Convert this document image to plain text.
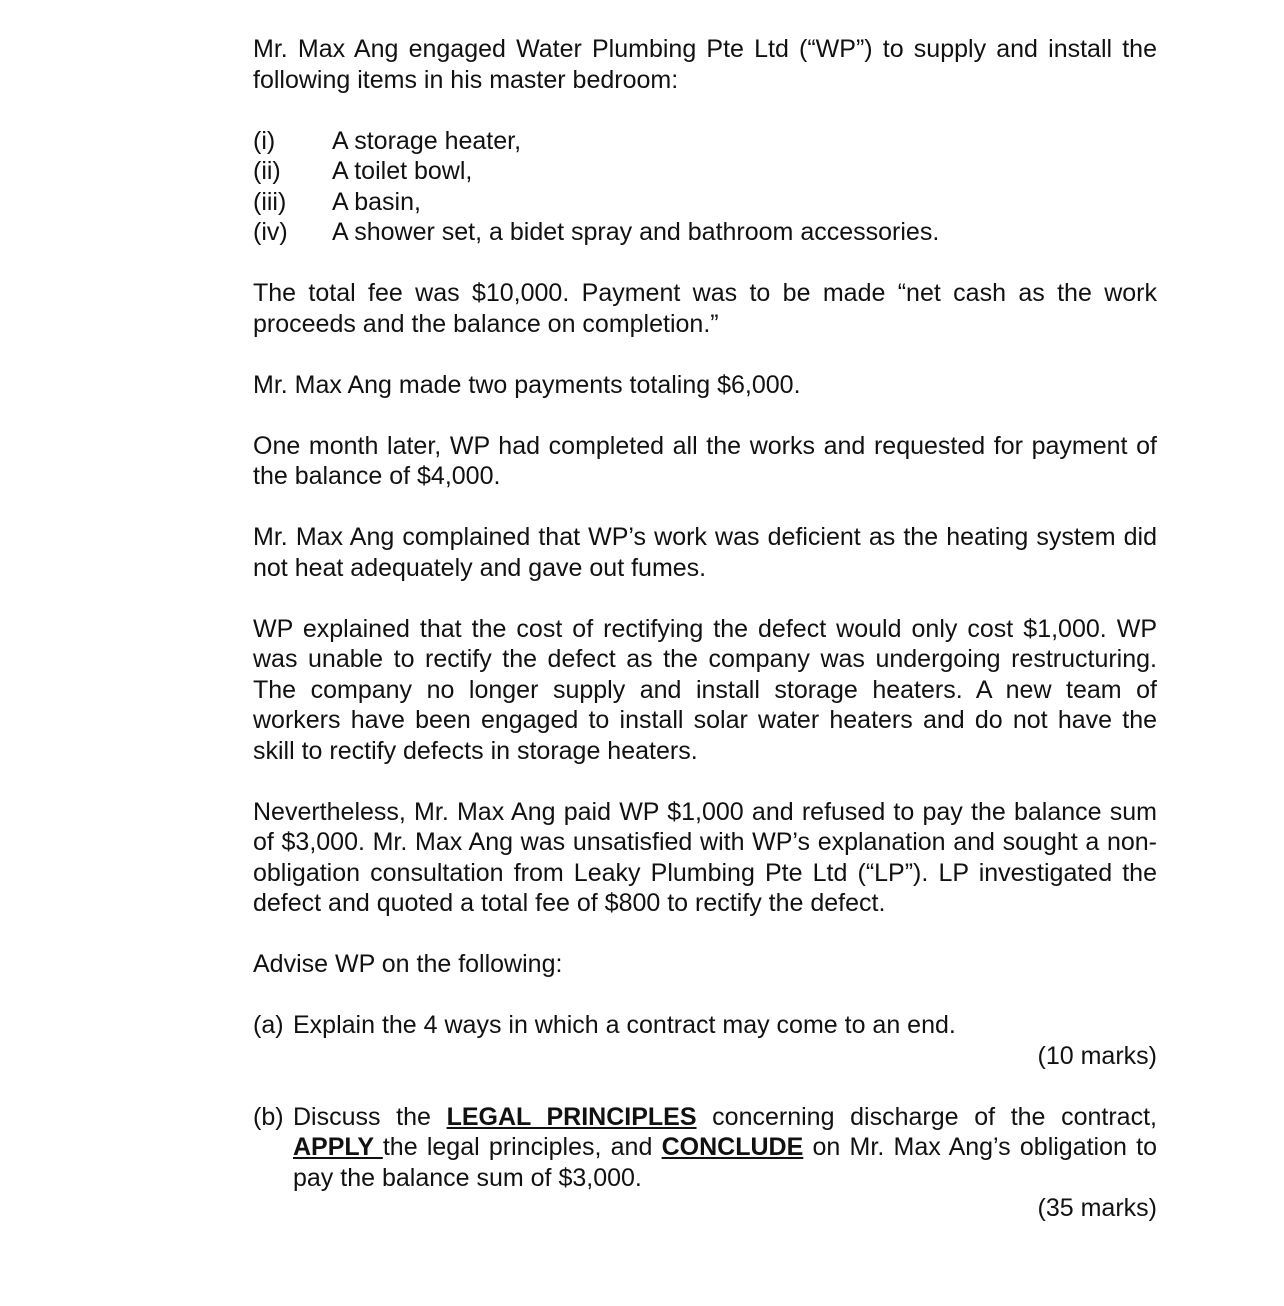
Mr. Max Ang engaged Water Plumbing Pte Ltd (“WP”) to supply and install the following items in his master bedroom:

(i)	A storage heater,
(ii)	A toilet bowl,
(iii)	A basin,
(iv)	A shower set, a bidet spray and bathroom accessories.

The total fee was $10,000. Payment was to be made “net cash as the work proceeds and the balance on completion.”

Mr. Max Ang made two payments totaling $6,000.

One month later, WP had completed all the works and requested for payment of the balance of $4,000.

Mr. Max Ang complained that WP’s work was deficient as the heating system did not heat adequately and gave out fumes.

WP explained that the cost of rectifying the defect would only cost $1,000. WP was unable to rectify the defect as the company was undergoing restructuring. The company no longer supply and install storage heaters. A new team of workers have been engaged to install solar water heaters and do not have the skill to rectify defects in storage heaters.

Nevertheless, Mr. Max Ang paid WP $1,000 and refused to pay the balance sum of $3,000. Mr. Max Ang was unsatisfied with WP’s explanation and sought a non-obligation consultation from Leaky Plumbing Pte Ltd (“LP”). LP investigated the defect and quoted a total fee of $800 to rectify the defect.

Advise WP on the following:

(a) Explain the 4 ways in which a contract may come to an end.
(10 marks)
(b) Discuss the LEGAL PRINCIPLES concerning discharge of the contract, APPLY the legal principles, and CONCLUDE on Mr. Max Ang’s obligation to pay the balance sum of $3,000.
(35 marks)
